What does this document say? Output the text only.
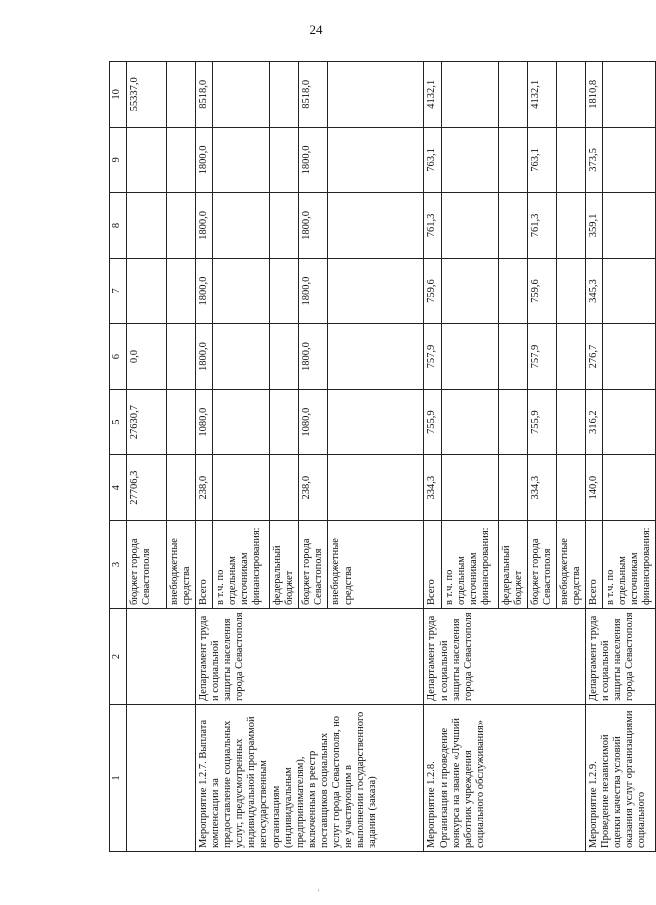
24
1	2	3	4	5	6	7	8	9	10
		бюджет города Севастополя	27706,3	27630,7	0,0				55337,0
		внебюджетные средства							
Мероприятие 1.2.7. Выплата компенсации за предоставление социальных услуг, предусмотренных индивидуальной программой негосударственным организациям (индивидуальным предпринимателям), включенным в реестр поставщиков социальных услуг города Севастополя, но не участвующим в выполнении государственного задания (заказа)	Департамент труда и социальной защиты населения города Севастополя	Всего	238,0	1080,0	1800,0	1800,0	1800,0	1800,0	8518,0
		в т.ч. по отдельным источникам финансирования:							
		федеральный бюджет							
		бюджет города Севастополя	238,0	1080,0	1800,0	1800,0	1800,0	1800,0	8518,0
		внебюджетные средства							
Мероприятие 1.2.8. Организация и проведение конкурса на звание «Лучший работник учреждения социального обслуживания»	Департамент труда и социальной защиты населения города Севастополя	Всего	334,3	755,9	757,9	759,6	761,3	763,1	4132,1
		в т.ч. по отдельным источникам финансирования:							
		федеральный бюджет							
		бюджет города Севастополя	334,3	755,9	757,9	759,6	761,3	763,1	4132,1
		внебюджетные средства							
Мероприятие 1.2.9. Проведение независимой оценки качества условий оказания услуг организациями социального	Департамент труда и социальной защиты населения города Севастополя	Всего	140,0	316,2	276,7	345,3	359,1	373,5	1810,8
		в т.ч. по отдельным источникам финансирования:							
'
